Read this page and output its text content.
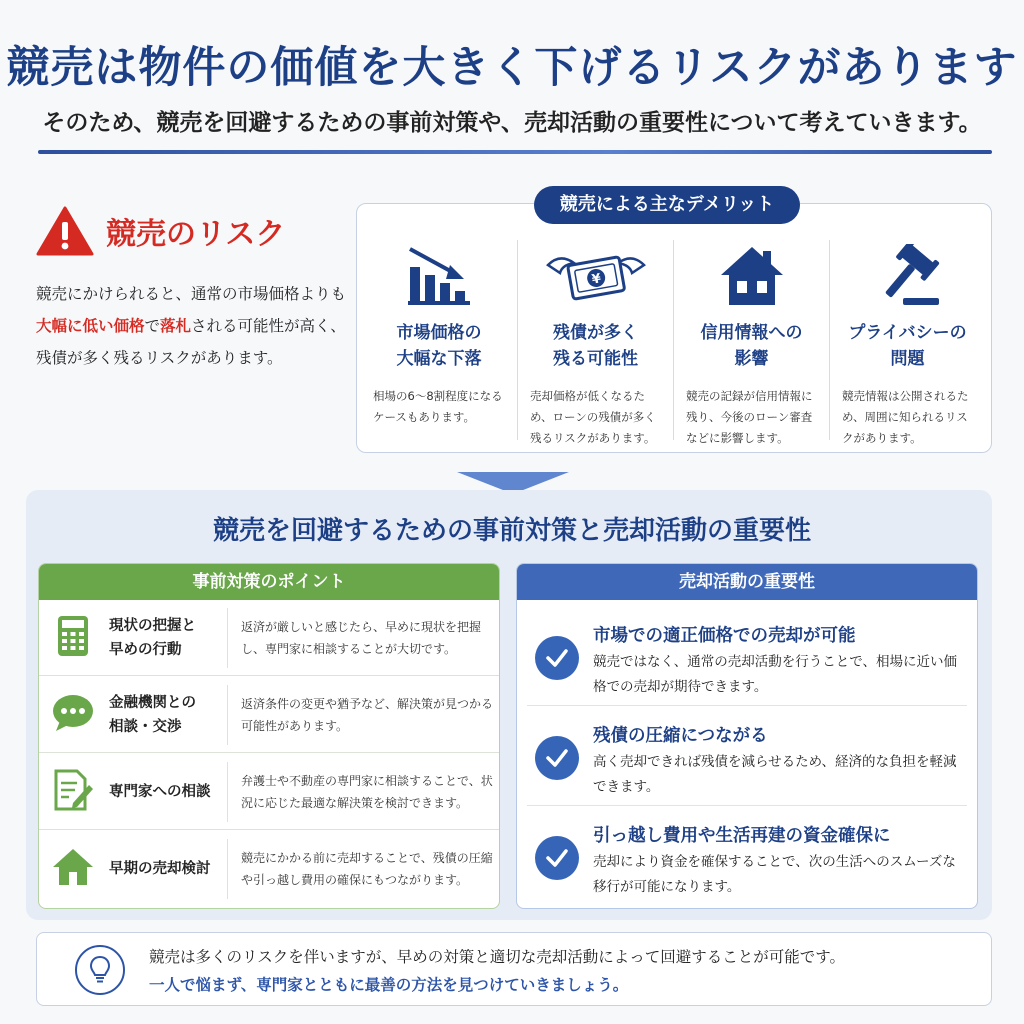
競売は物件の価値を大きく下げるリスクがあります
そのため、競売を回避するための事前対策や、売却活動の重要性について考えていきます。
競売のリスク
競売にかけられると、通常の市場価格よりも
大幅に低い価格で落札される可能性が高く、
残債が多く残るリスクがあります。
競売による主なデメリット
市場価格の
大幅な下落
相場の6～8割程度になるケースもあります。
¥
残債が多く
残る可能性
売却価格が低くなるため、ローンの残債が多く残るリスクがあります。
信用情報への
影響
競売の記録が信用情報に残り、今後のローン審査などに影響します。
プライバシーの
問題
競売情報は公開されるため、周囲に知られるリスクがあります。
競売を回避するための事前対策と売却活動の重要性
事前対策のポイント
現状の把握と
早めの行動
返済が厳しいと感じたら、早めに現状を把握し、専門家に相談することが大切です。
金融機関との
相談・交渉
返済条件の変更や猶予など、解決策が見つかる可能性があります。
専門家への相談
弁護士や不動産の専門家に相談することで、状況に応じた最適な解決策を検討できます。
早期の売却検討
競売にかかる前に売却することで、残債の圧縮や引っ越し費用の確保にもつながります。
売却活動の重要性
市場での適正価格での売却が可能
競売ではなく、通常の売却活動を行うことで、相場に近い価格での売却が期待できます。
残債の圧縮につながる
高く売却できれば残債を減らせるため、経済的な負担を軽減できます。
引っ越し費用や生活再建の資金確保に
売却により資金を確保することで、次の生活へのスムーズな移行が可能になります。
競売は多くのリスクを伴いますが、早めの対策と適切な売却活動によって回避することが可能です。
一人で悩まず、専門家とともに最善の方法を見つけていきましょう。
